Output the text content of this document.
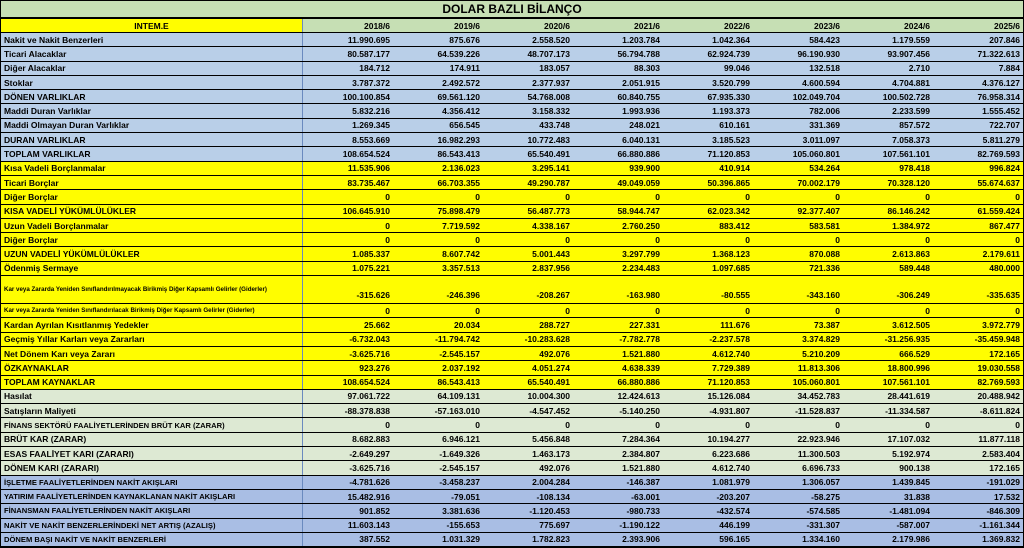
DOLAR BAZLI BİLANÇO
INTEM.E	2018/6	2019/6	2020/6	2021/6	2022/6	2023/6	2024/6	2025/6
Nakit ve Nakit Benzerleri	11.990.695	875.676	2.558.520	1.203.784	1.042.364	584.423	1.179.559	207.846
Ticari Alacaklar	80.587.177	64.539.226	48.707.173	56.794.788	62.924.739	96.190.930	93.907.456	71.322.613
Diğer Alacaklar	184.712	174.911	183.057	88.303	99.046	132.518	2.710	7.884
Stoklar	3.787.372	2.492.572	2.377.937	2.051.915	3.520.799	4.600.594	4.704.881	4.376.127
DÖNEN VARLIKLAR	100.100.854	69.561.120	54.768.008	60.840.755	67.935.330	102.049.704	100.502.728	76.958.314
Maddi Duran Varlıklar	5.832.216	4.356.412	3.158.332	1.993.936	1.193.373	782.006	2.233.599	1.555.452
Maddi Olmayan Duran Varlıklar	1.269.345	656.545	433.748	248.021	610.161	331.369	857.572	722.707
DURAN VARLIKLAR	8.553.669	16.982.293	10.772.483	6.040.131	3.185.523	3.011.097	7.058.373	5.811.279
TOPLAM VARLIKLAR	108.654.524	86.543.413	65.540.491	66.880.886	71.120.853	105.060.801	107.561.101	82.769.593
Kısa Vadeli Borçlanmalar	11.535.906	2.136.023	3.295.141	939.900	410.914	534.264	978.418	996.824
Ticari Borçlar	83.735.467	66.703.355	49.290.787	49.049.059	50.396.865	70.002.179	70.328.120	55.674.637
Diğer Borçlar	0	0	0	0	0	0	0	0
KISA VADELİ YÜKÜMLÜLÜKLER	106.645.910	75.898.479	56.487.773	58.944.747	62.023.342	92.377.407	86.146.242	61.559.424
Uzun Vadeli Borçlanmalar	0	7.719.592	4.338.167	2.760.250	883.412	583.581	1.384.972	867.477
Diğer Borçlar	0	0	0	0	0	0	0	0
UZUN VADELİ YÜKÜMLÜLÜKLER	1.085.337	8.607.742	5.001.443	3.297.799	1.368.123	870.088	2.613.863	2.179.611
Ödenmiş Sermaye	1.075.221	3.357.513	2.837.956	2.234.483	1.097.685	721.336	589.448	480.000
Kar veya Zararda Yeniden Sınıflandırılmayacak Birikmiş Diğer Kapsamlı Gelirler (Giderler)	-315.626	-246.396	-208.267	-163.980	-80.555	-343.160	-306.249	-335.635
Kar veya Zararda Yeniden Sınıflandırılacak Birikmiş Diğer Kapsamlı Gelirler (Giderler)	0	0	0	0	0	0	0	0
Kardan Ayrılan Kısıtlanmış Yedekler	25.662	20.034	288.727	227.331	111.676	73.387	3.612.505	3.972.779
Geçmiş Yıllar Karları veya Zararları	-6.732.043	-11.794.742	-10.283.628	-7.782.778	-2.237.578	3.374.829	-31.256.935	-35.459.948
Net Dönem Karı veya Zararı	-3.625.716	-2.545.157	492.076	1.521.880	4.612.740	5.210.209	666.529	172.165
ÖZKAYNAKLAR	923.276	2.037.192	4.051.274	4.638.339	7.729.389	11.813.306	18.800.996	19.030.558
TOPLAM KAYNAKLAR	108.654.524	86.543.413	65.540.491	66.880.886	71.120.853	105.060.801	107.561.101	82.769.593
Hasılat	97.061.722	64.109.131	10.004.300	12.424.613	15.126.084	34.452.783	28.441.619	20.488.942
Satışların Maliyeti	-88.378.838	-57.163.010	-4.547.452	-5.140.250	-4.931.807	-11.528.837	-11.334.587	-8.611.824
FİNANS SEKTÖRÜ FAALİYETLERİNDEN BRÜT KAR (ZARAR)	0	0	0	0	0	0	0	0
BRÜT KAR (ZARAR)	8.682.883	6.946.121	5.456.848	7.284.364	10.194.277	22.923.946	17.107.032	11.877.118
ESAS FAALİYET KARI (ZARARI)	-2.649.297	-1.649.326	1.463.173	2.384.807	6.223.686	11.300.503	5.192.974	2.583.404
DÖNEM KARI (ZARARI)	-3.625.716	-2.545.157	492.076	1.521.880	4.612.740	6.696.733	900.138	172.165
İŞLETME FAALİYETLERİNDEN NAKİT AKIŞLARI	-4.781.626	-3.458.237	2.004.284	-146.387	1.081.979	1.306.057	1.439.845	-191.029
YATIRIM FAALİYETLERİNDEN KAYNAKLANAN NAKİT AKIŞLARI	15.482.916	-79.051	-108.134	-63.001	-203.207	-58.275	31.838	17.532
FİNANSMAN FAALİYETLERİNDEN NAKİT AKIŞLARI	901.852	3.381.636	-1.120.453	-980.733	-432.574	-574.585	-1.481.094	-846.309
NAKİT VE NAKİT BENZERLERİNDEKİ NET ARTIŞ (AZALIŞ)	11.603.143	-155.653	775.697	-1.190.122	446.199	-331.307	-587.007	-1.161.344
DÖNEM BAŞI NAKİT VE NAKİT BENZERLERİ	387.552	1.031.329	1.782.823	2.393.906	596.165	1.334.160	2.179.986	1.369.832
